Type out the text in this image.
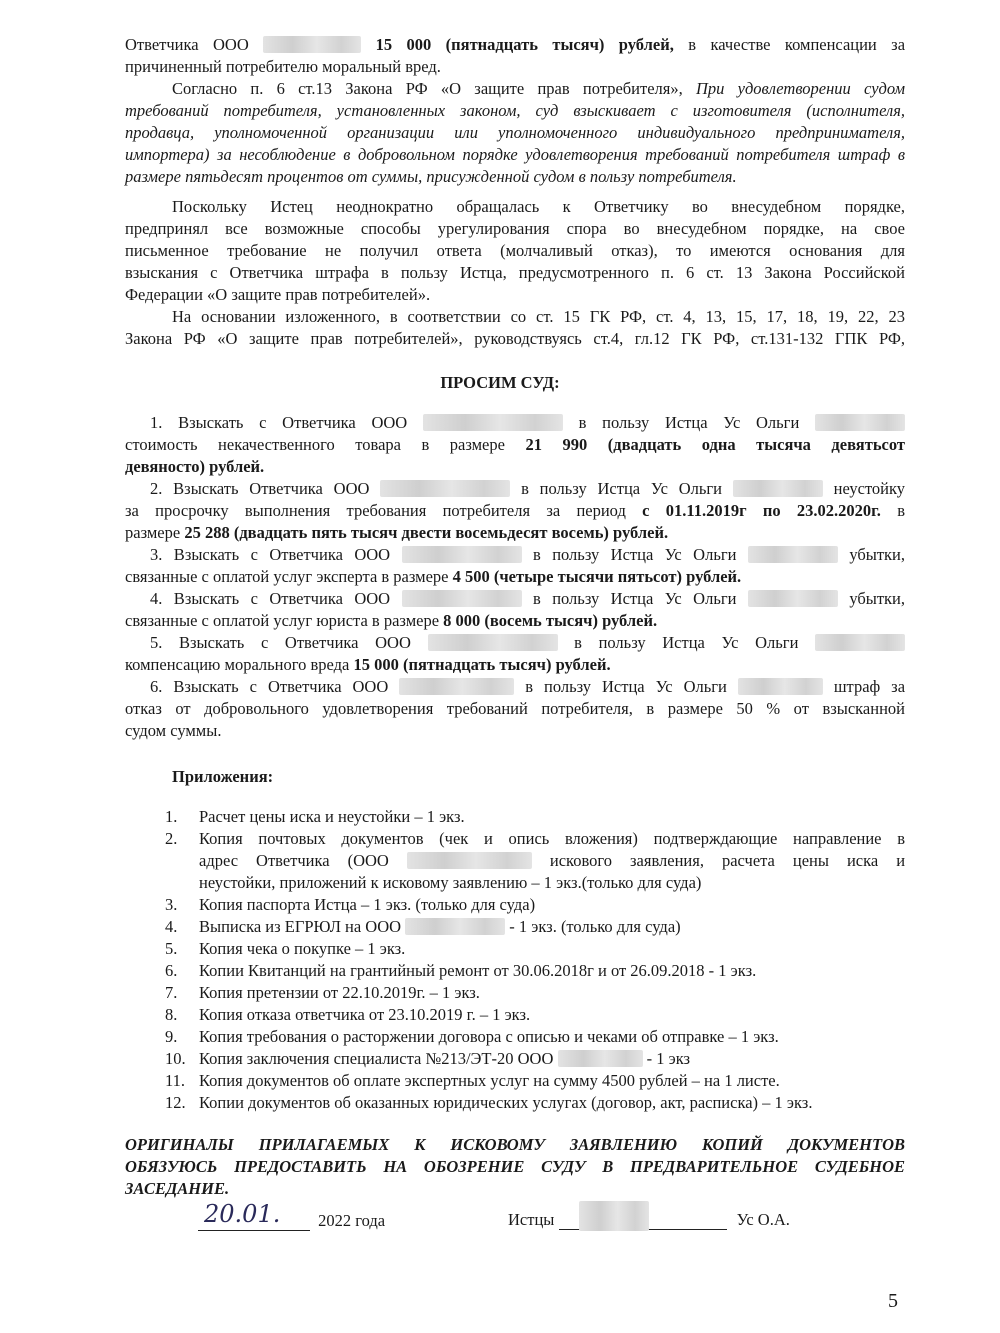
Ответчика ООО	15 000 (пятнадцать тысяч) рублей, в качестве компенсации за
причиненный потребителю моральный вред.
Согласно п. 6 ст.13 Закона РФ «О защите прав потребителя», При удовлетворении судом
требований потребителя, установленных законом, суд взыскивает с изготовителя (исполнителя,
продавца, уполномоченной организации или уполномоченного индивидуального предпринимателя,
импортера) за несоблюдение в добровольном порядке удовлетворения требований потребителя штраф в
размере пятьдесят процентов от суммы, присужденной судом в пользу потребителя.
Поскольку Истец неоднократно обращалась к Ответчику во внесудебном порядке,
предпринял все возможные способы урегулирования спора во внесудебном порядке, на свое
письменное требование не получил ответа (молчаливый отказ), то имеются основания для
взыскания с Ответчика штрафа в пользу Истца, предусмотренного п. 6 ст. 13 Закона Российской
Федерации «О защите прав потребителей».
На основании изложенного, в соответствии со ст. 15 ГК РФ, ст. 4, 13, 15, 17, 18, 19, 22, 23
Закона РФ «О защите прав потребителей», руководствуясь ст.4, гл.12 ГК РФ, ст.131-132 ГПК РФ,
ПРОСИМ СУД:
1. Взыскать с Ответчика ООО	в пользу Истца Ус Ольги
стоимость некачественного товара в размере 21 990 (двадцать одна тысяча девятьсот
девяносто) рублей.
2. Взыскать Ответчика ООО	в пользу Истца Ус Ольги	неустойку
за просрочку выполнения требования потребителя за период с 01.11.2019г по 23.02.2020г. в
размере 25 288 (двадцать пять тысяч двести восемьдесят восемь) рублей.
3. Взыскать с Ответчика ООО	в пользу Истца Ус Ольги	убытки,
связанные с оплатой услуг эксперта в размере 4 500 (четыре тысячи пятьсот) рублей.
4. Взыскать с Ответчика ООО	в пользу Истца Ус Ольги	убытки,
связанные с оплатой услуг юриста в размере 8 000 (восемь тысяч) рублей.
5. Взыскать с Ответчика ООО	в пользу Истца Ус Ольги
компенсацию морального вреда 15 000 (пятнадцать тысяч) рублей.
6. Взыскать с Ответчика ООО	в пользу Истца Ус Ольги	штраф за
отказ от добровольного удовлетворения требований потребителя, в размере 50 % от взысканной
судом суммы.
Приложения:
1. Расчет цены иска и неустойки – 1 экз.
2. Копия почтовых документов (чек и опись вложения) подтверждающие направление в
адрес Ответчика (ООО	искового заявления, расчета цены иска и
неустойки, приложений к исковому заявлению – 1 экз.(только для суда)
3. Копия паспорта Истца – 1 экз. (только для суда)
4. Выписка из ЕГРЮЛ на ООО	- 1 экз. (только для суда)
5. Копия чека о покупке – 1 экз.
6. Копии Квитанций на грантийный ремонт от 30.06.2018г и от 26.09.2018 - 1 экз.
7. Копия претензии от 22.10.2019г. – 1 экз.
8. Копия отказа ответчика от 23.10.2019 г. – 1 экз.
9. Копия требования о расторжении договора с описью и чеками об отправке – 1 экз.
10. Копия заключения специалиста №213/ЭТ-20 ООО	- 1 экз
11. Копия документов об оплате экспертных услуг на сумму 4500 рублей – на 1 листе.
12. Копии документов об оказанных юридических услугах (договор, акт, расписка) – 1 экз.
ОРИГИНАЛЫ ПРИЛАГАЕМЫХ К ИСКОВОМУ ЗАЯВЛЕНИЮ КОПИЙ ДОКУМЕНТОВ
ОБЯЗУЮСЬ ПРЕДОСТАВИТЬ НА ОБОЗРЕНИЕ СУДУ В ПРЕДВАРИТЕЛЬНОЕ СУДЕБНОЕ
ЗАСЕДАНИЕ.
20.01. 2022 года	Истцы	Ус О.А.
5
